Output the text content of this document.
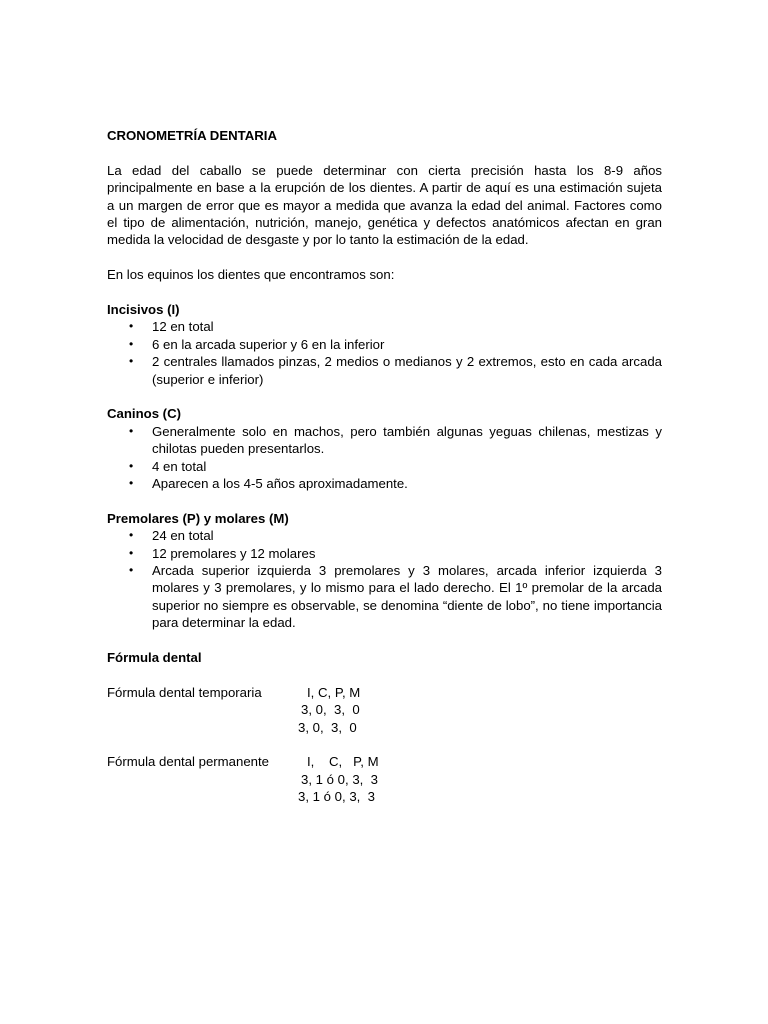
CRONOMETRÍA DENTARIA

La edad del caballo se puede determinar con cierta precisión hasta los 8-9 años principalmente en base a la erupción de los dientes. A partir de aquí es una estimación sujeta a un margen de error que es mayor a medida que avanza la edad del animal. Factores como el tipo de alimentación, nutrición, manejo, genética y defectos anatómicos afectan en gran medida la velocidad de desgaste y por lo tanto la estimación de la edad.

En los equinos los dientes que encontramos son:

Incisivos (I)

• 12 en total
• 6 en la arcada superior y 6 en la inferior
• 2 centrales llamados pinzas, 2 medios o medianos y 2 extremos, esto en cada arcada (superior e inferior)

Caninos (C)

• Generalmente solo en machos, pero también algunas yeguas chilenas, mestizas y chilotas pueden presentarlos.
• 4 en total
• Aparecen a los 4-5 años aproximadamente.

Premolares (P) y molares (M)

• 24 en total
• 12 premolares y 12 molares
• Arcada superior izquierda 3 premolares y 3 molares, arcada inferior izquierda 3 molares y 3 premolares, y lo mismo para el lado derecho. El 1º premolar de la arcada superior no siempre es observable, se denomina “diente de lobo”, no tiene importancia para determinar la edad.

Fórmula dental

Fórmula dental temporaria	I, C, P, M
3, 0,  3,  0
3, 0,  3,  0
Fórmula dental permanente	I,    C,   P, M
3, 1 ó 0, 3,  3
3, 1 ó 0, 3,  3
